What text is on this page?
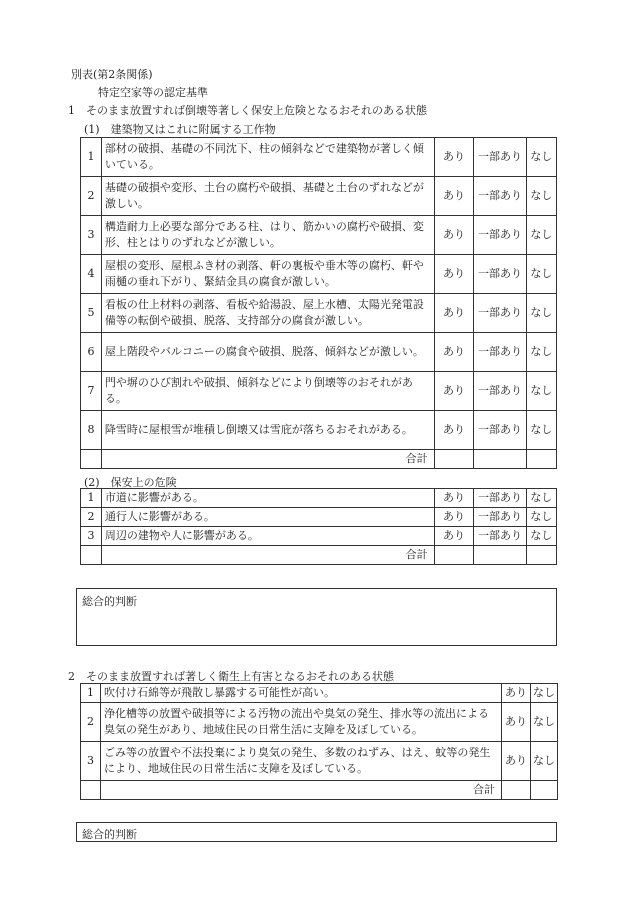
別表(第2条関係)
特定空家等の認定基準
1　そのまま放置すれば倒壊等著しく保安上危険となるおそれのある状態
(1)　建築物又はこれに附属する工作物
1	部材の破損、基礎の不同沈下、柱の傾斜などで建築物が著しく傾いている。	あり	一部あり	なし
2	基礎の破損や変形、土台の腐朽や破損、基礎と土台のずれなどが激しい。	あり	一部あり	なし
3	構造耐力上必要な部分である柱、はり、筋かいの腐朽や破損、変形、柱とはりのずれなどが激しい。	あり	一部あり	なし
4	屋根の変形、屋根ふき材の剥落、軒の裏板や垂木等の腐朽、軒や雨樋の垂れ下がり、緊結金具の腐食が激しい。	あり	一部あり	なし
5	看板の仕上材料の剥落、看板や給湯設、屋上水槽、太陽光発電設備等の転倒や破損、脱落、支持部分の腐食が激しい。	あり	一部あり	なし
6	屋上階段やバルコニーの腐食や破損、脱落、傾斜などが激しい。	あり	一部あり	なし
7	門や塀のひび割れや破損、傾斜などにより倒壊等のおそれがある。	あり	一部あり	なし
8	降雪時に屋根雪が堆積し倒壊又は雪庇が落ちるおそれがある。	あり	一部あり	なし
	合計			
(2)　保安上の危険
1	市道に影響がある。	あり	一部あり	なし
2	通行人に影響がある。	あり	一部あり	なし
3	周辺の建物や人に影響がある。	あり	一部あり	なし
	合計			
総合的判断
2　そのまま放置すれば著しく衛生上有害となるおそれのある状態
1	吹付け石綿等が飛散し暴露する可能性が高い。	あり	なし
2	浄化槽等の放置や破損等による汚物の流出や臭気の発生、排水等の流出による臭気の発生があり、地域住民の日常生活に支障を及ぼしている。	あり	なし
3	ごみ等の放置や不法投棄により臭気の発生、多数のねずみ、はえ、蚊等の発生により、地域住民の日常生活に支障を及ぼしている。	あり	なし
	合計		
総合的判断
